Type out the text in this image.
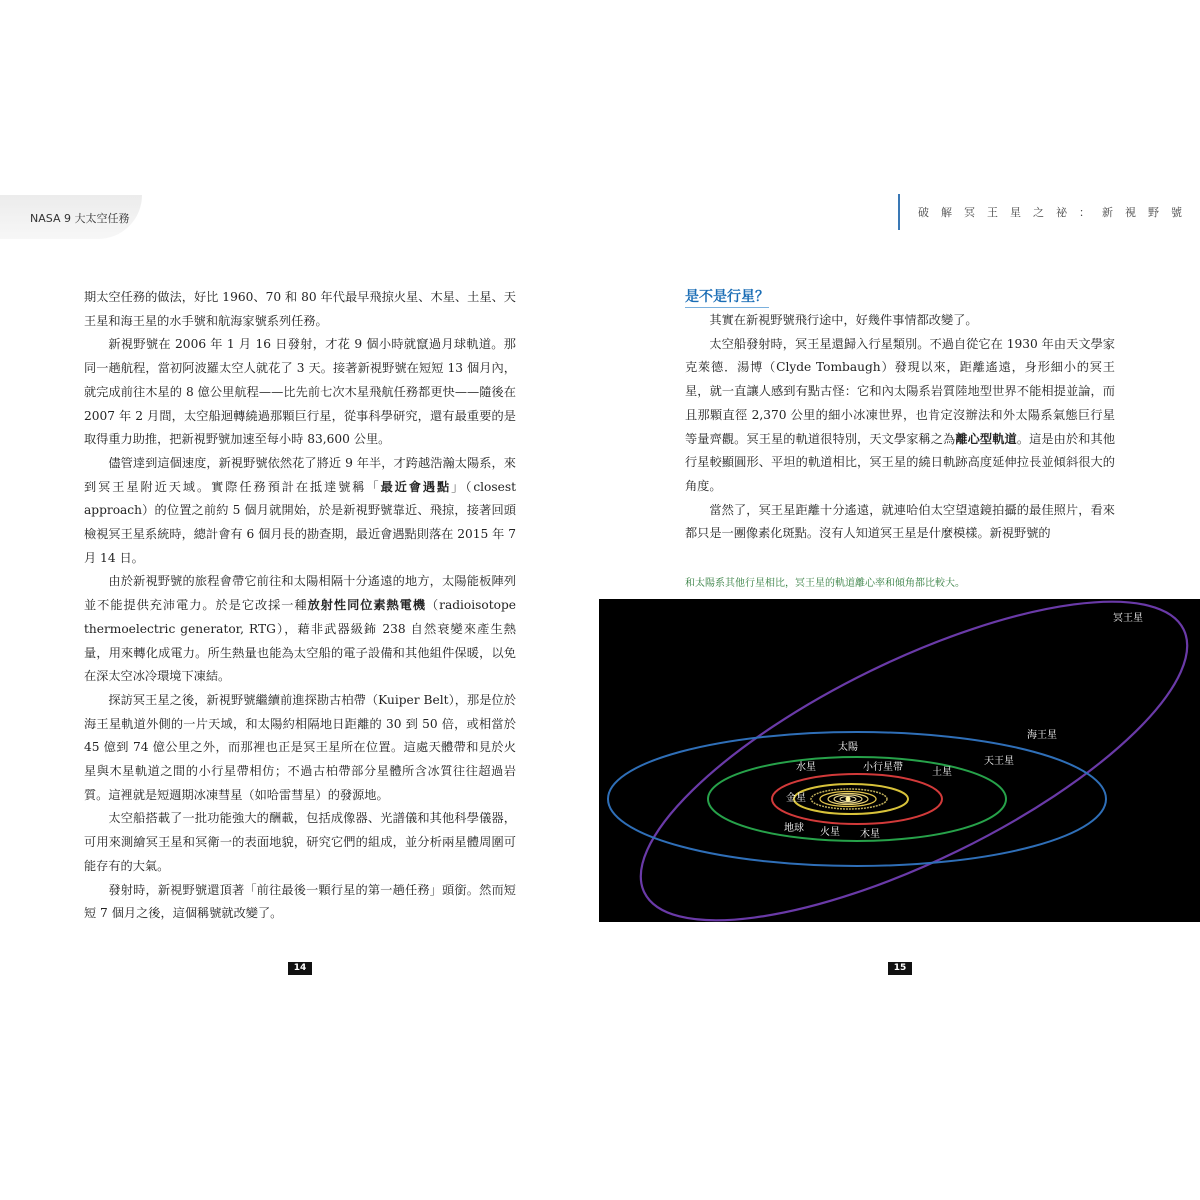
NASA 9 大太空任務	破解冥王星之祕：新視野號

期太空任務的做法，好比 1960、70 和 80 年代最早飛掠火星、木星、土星、天王星和海王星的水手號和航海家號系列任務。

新視野號在 2006 年 1 月 16 日發射，才花 9 個小時就竄過月球軌道。那同一趟航程，當初阿波羅太空人就花了 3 天。接著新視野號在短短 13 個月內，就完成前往木星的 8 億公里航程——比先前七次木星飛航任務都更快——隨後在 2007 年 2 月間，太空船迴轉繞過那顆巨行星，從事科學研究，還有最重要的是取得重力助推，把新視野號加速至每小時 83,600 公里。

儘管達到這個速度，新視野號依然花了將近 9 年半，才跨越浩瀚太陽系，來到冥王星附近天域。實際任務預計在抵達號稱「最近會遇點」（closest approach）的位置之前約 5 個月就開始，於是新視野號靠近、飛掠，接著回頭檢視冥王星系統時，總計會有 6 個月長的勘查期，最近會遇點則落在 2015 年 7 月 14 日。

由於新視野號的旅程會帶它前往和太陽相隔十分遙遠的地方，太陽能板陣列並不能提供充沛電力。於是它改採一種放射性同位素熱電機（radioisotope thermoelectric generator, RTG），藉非武器級鈽 238 自然衰變來產生熱量，用來轉化成電力。所生熱量也能為太空船的電子設備和其他組件保暖，以免在深太空冰冷環境下凍結。

探訪冥王星之後，新視野號繼續前進探勘古柏帶（Kuiper Belt），那是位於海王星軌道外側的一片天域，和太陽約相隔地日距離的 30 到 50 倍，或相當於 45 億到 74 億公里之外，而那裡也正是冥王星所在位置。這處天體帶和見於火星與木星軌道之間的小行星帶相仿；不過古柏帶部分星體所含冰質往往超過岩質。這裡就是短週期冰凍彗星（如哈雷彗星）的發源地。

太空船搭載了一批功能強大的酬載，包括成像器、光譜儀和其他科學儀器，可用來測繪冥王星和冥衛一的表面地貌，研究它們的組成，並分析兩星體周圍可能存有的大氣。

發射時，新視野號還頂著「前往最後一顆行星的第一趟任務」頭銜。然而短短 7 個月之後，這個稱號就改變了。

是不是行星？

其實在新視野號飛行途中，好幾件事情都改變了。

太空船發射時，冥王星還歸入行星類別。不過自從它在 1930 年由天文學家克萊德．湯博（Clyde Tombaugh）發現以來，距離遙遠，身形細小的冥王星，就一直讓人感到有點古怪：它和內太陽系岩質陸地型世界不能相提並論，而且那顆直徑 2,370 公里的細小冰凍世界，也肯定沒辦法和外太陽系氣態巨行星等量齊觀。冥王星的軌道很特別，天文學家稱之為離心型軌道。這是由於和其他行星較顯圓形、平坦的軌道相比，冥王星的繞日軌跡高度延伸拉長並傾斜很大的角度。

當然了，冥王星距離十分遙遠，就連哈伯太空望遠鏡拍攝的最佳照片，看來都只是一團像素化斑點。沒有人知道冥王星是什麼模樣。新視野號的

和太陽系其他行星相比，冥王星的軌道離心率和傾角都比較大。
冥王星
海王星
天王星
土星
太陽
水星	小行星帶
金星
地球 火星 木星
14	15
